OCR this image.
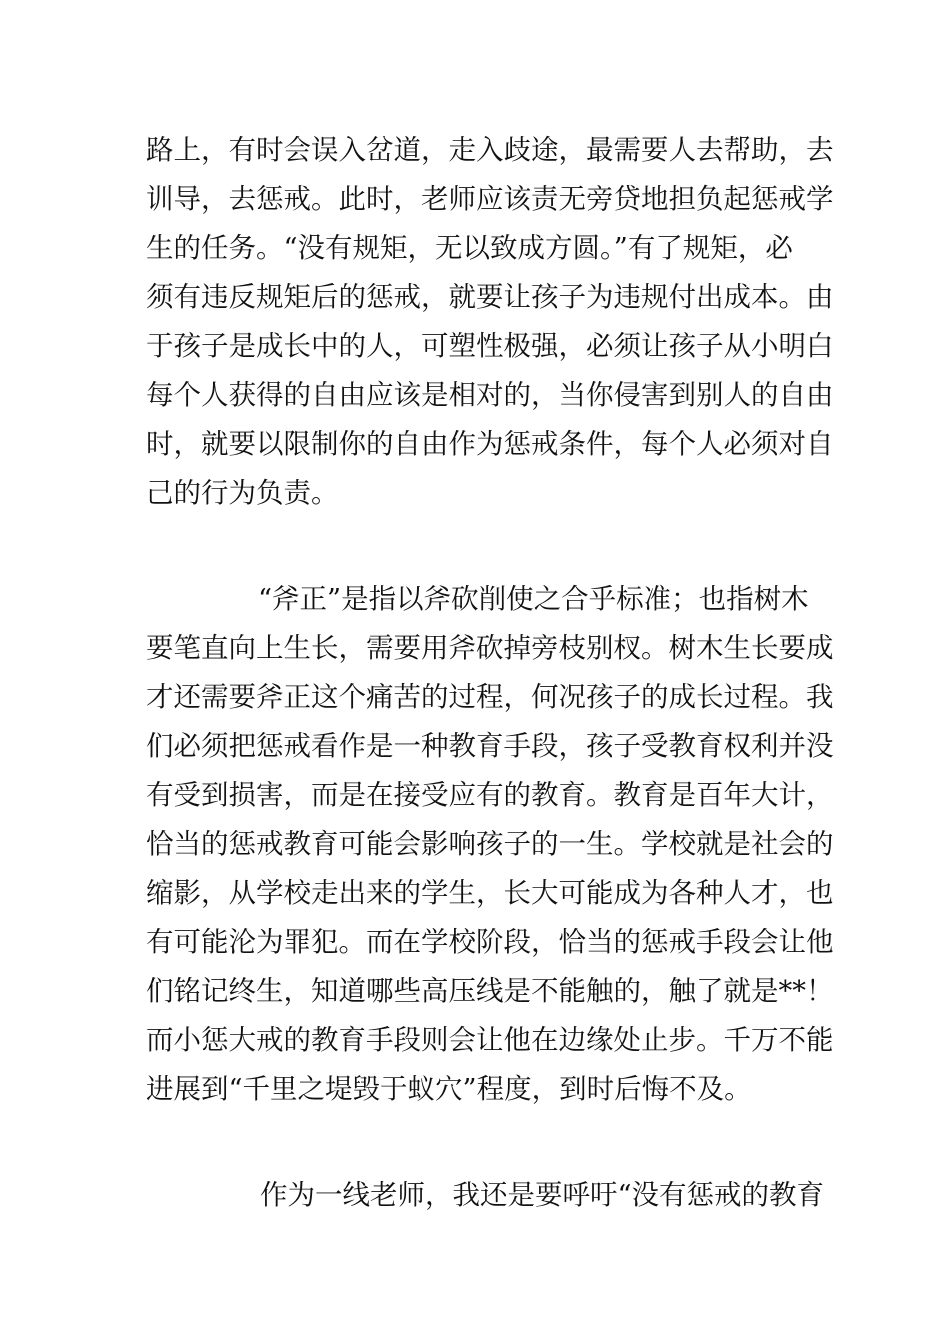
路上，有时会误入岔道，走入歧途，最需要人去帮助，去
训导，去惩戒。此时，老师应该责无旁贷地担负起惩戒学
生的任务。“没有规矩，无以致成方圆。”有了规矩，必
须有违反规矩后的惩戒，就要让孩子为违规付出成本。由
于孩子是成长中的人，可塑性极强，必须让孩子从小明白
每个人获得的自由应该是相对的，当你侵害到别人的自由
时，就要以限制你的自由作为惩戒条件，每个人必须对自
己的行为负责。
“斧正”是指以斧砍削使之合乎标准；也指树木
要笔直向上生长，需要用斧砍掉旁枝别杈。树木生长要成
才还需要斧正这个痛苦的过程，何况孩子的成长过程。我
们必须把惩戒看作是一种教育手段，孩子受教育权利并没
有受到损害，而是在接受应有的教育。教育是百年大计，
恰当的惩戒教育可能会影响孩子的一生。学校就是社会的
缩影，从学校走出来的学生，长大可能成为各种人才，也
有可能沦为罪犯。而在学校阶段，恰当的惩戒手段会让他
们铭记终生，知道哪些高压线是不能触的，触了就是**！
而小惩大戒的教育手段则会让他在边缘处止步。千万不能
进展到“千里之堤毁于蚁穴”程度，到时后悔不及。
作为一线老师，我还是要呼吁“没有惩戒的教育
